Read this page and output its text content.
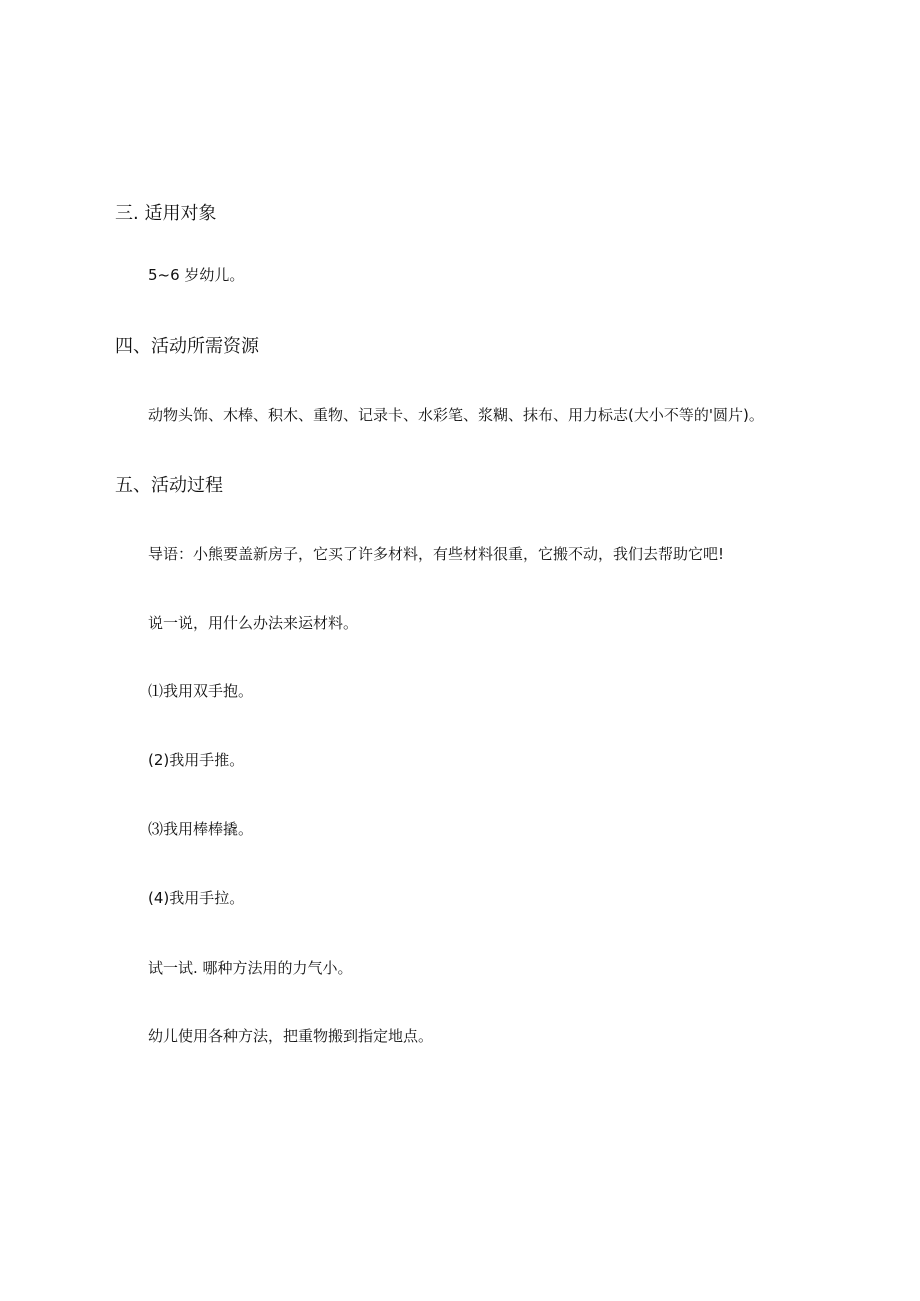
三. 适用对象
5~6 岁幼儿。
四、活动所需资源
动物头饰、木棒、积木、重物、记录卡、水彩笔、浆糊、抹布、用力标志(大小不等的'圆片)。
五、活动过程
导语：小熊要盖新房子，它买了许多材料，有些材料很重，它搬不动，我们去帮助它吧!
说一说，用什么办法来运材料。
⑴我用双手抱。
(2)我用手推。
⑶我用棒棒撬。
(4)我用手拉。
试一试. 哪种方法用的力气小。
幼儿使用各种方法，把重物搬到指定地点。
